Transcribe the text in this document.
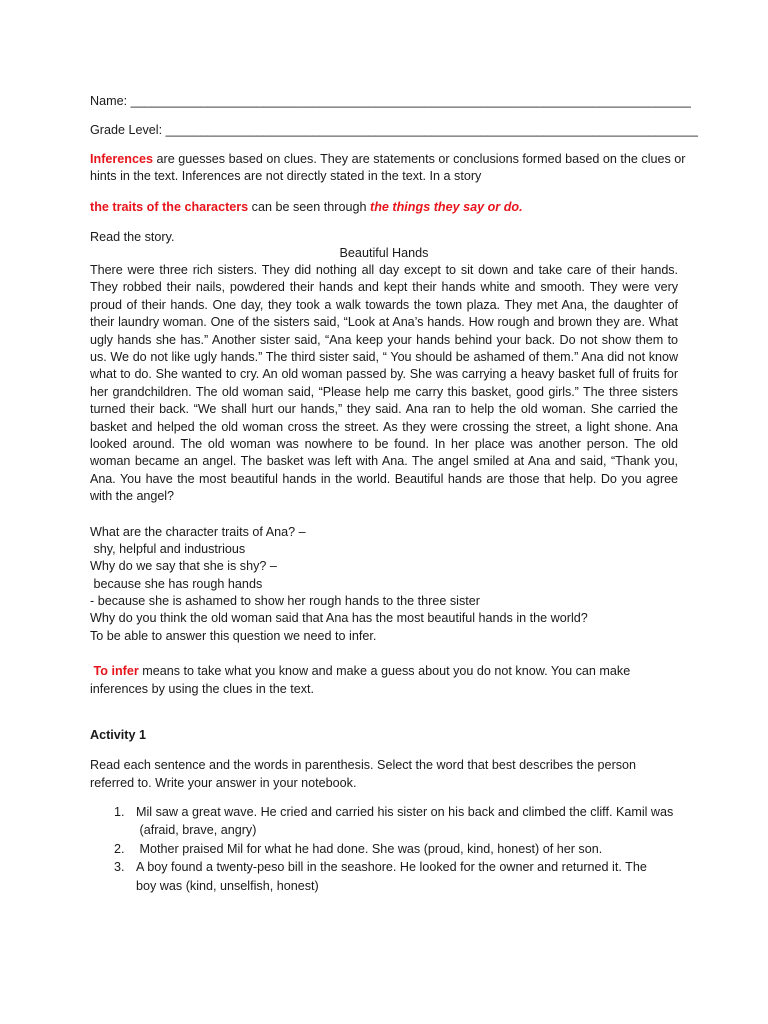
Name: ________________________________________________________________________________
Grade Level: ____________________________________________________________________________
Inferences are guesses based on clues. They are statements or conclusions formed based on the clues or
hints in the text. Inferences are not directly stated in the text. In a story
the traits of the characters can be seen through the things they say or do.
Read the story.
Beautiful Hands
There were three rich sisters. They did nothing all day except to sit down and take care of their hands. They robbed their nails, powdered their hands and kept their hands white and smooth. They were very proud of their hands. One day, they took a walk towards the town plaza. They met Ana, the daughter of their laundry woman. One of the sisters said, “Look at Ana’s hands. How rough and brown they are. What ugly hands she has.” Another sister said, “Ana keep your hands behind your back. Do not show them to us. We do not like ugly hands.” The third sister said, “ You should be ashamed of them.” Ana did not know what to do. She wanted to cry. An old woman passed by. She was carrying a heavy basket full of fruits for her grandchildren. The old woman said, “Please help me carry this basket, good girls.” The three sisters turned their back. “We shall hurt our hands,” they said. Ana ran to help the old woman. She carried the basket and helped the old woman cross the street. As they were crossing the street, a light shone. Ana looked around. The old woman was nowhere to be found. In her place was another person. The old woman became an angel. The basket was left with Ana. The angel smiled at Ana and said, “Thank you, Ana. You have the most beautiful hands in the world. Beautiful hands are those that help. Do you agree with the angel?
What are the character traits of Ana? –
shy, helpful and industrious
Why do we say that she is shy? –
because she has rough hands
- because she is ashamed to show her rough hands to the three sister
Why do you think the old woman said that Ana has the most beautiful hands in the world?
To be able to answer this question we need to infer.
To infer means to take what you know and make a guess about you do not know. You can make
inferences by using the clues in the text.
Activity 1
Read each sentence and the words in parenthesis. Select the word that best describes the person
referred to. Write your answer in your notebook.
1. Mil saw a great wave. He cried and carried his sister on his back and climbed the cliff. Kamil was
(afraid, brave, angry)
2. Mother praised Mil for what he had done. She was (proud, kind, honest) of her son.
3. A boy found a twenty-peso bill in the seashore. He looked for the owner and returned it. The
boy was (kind, unselfish, honest)
